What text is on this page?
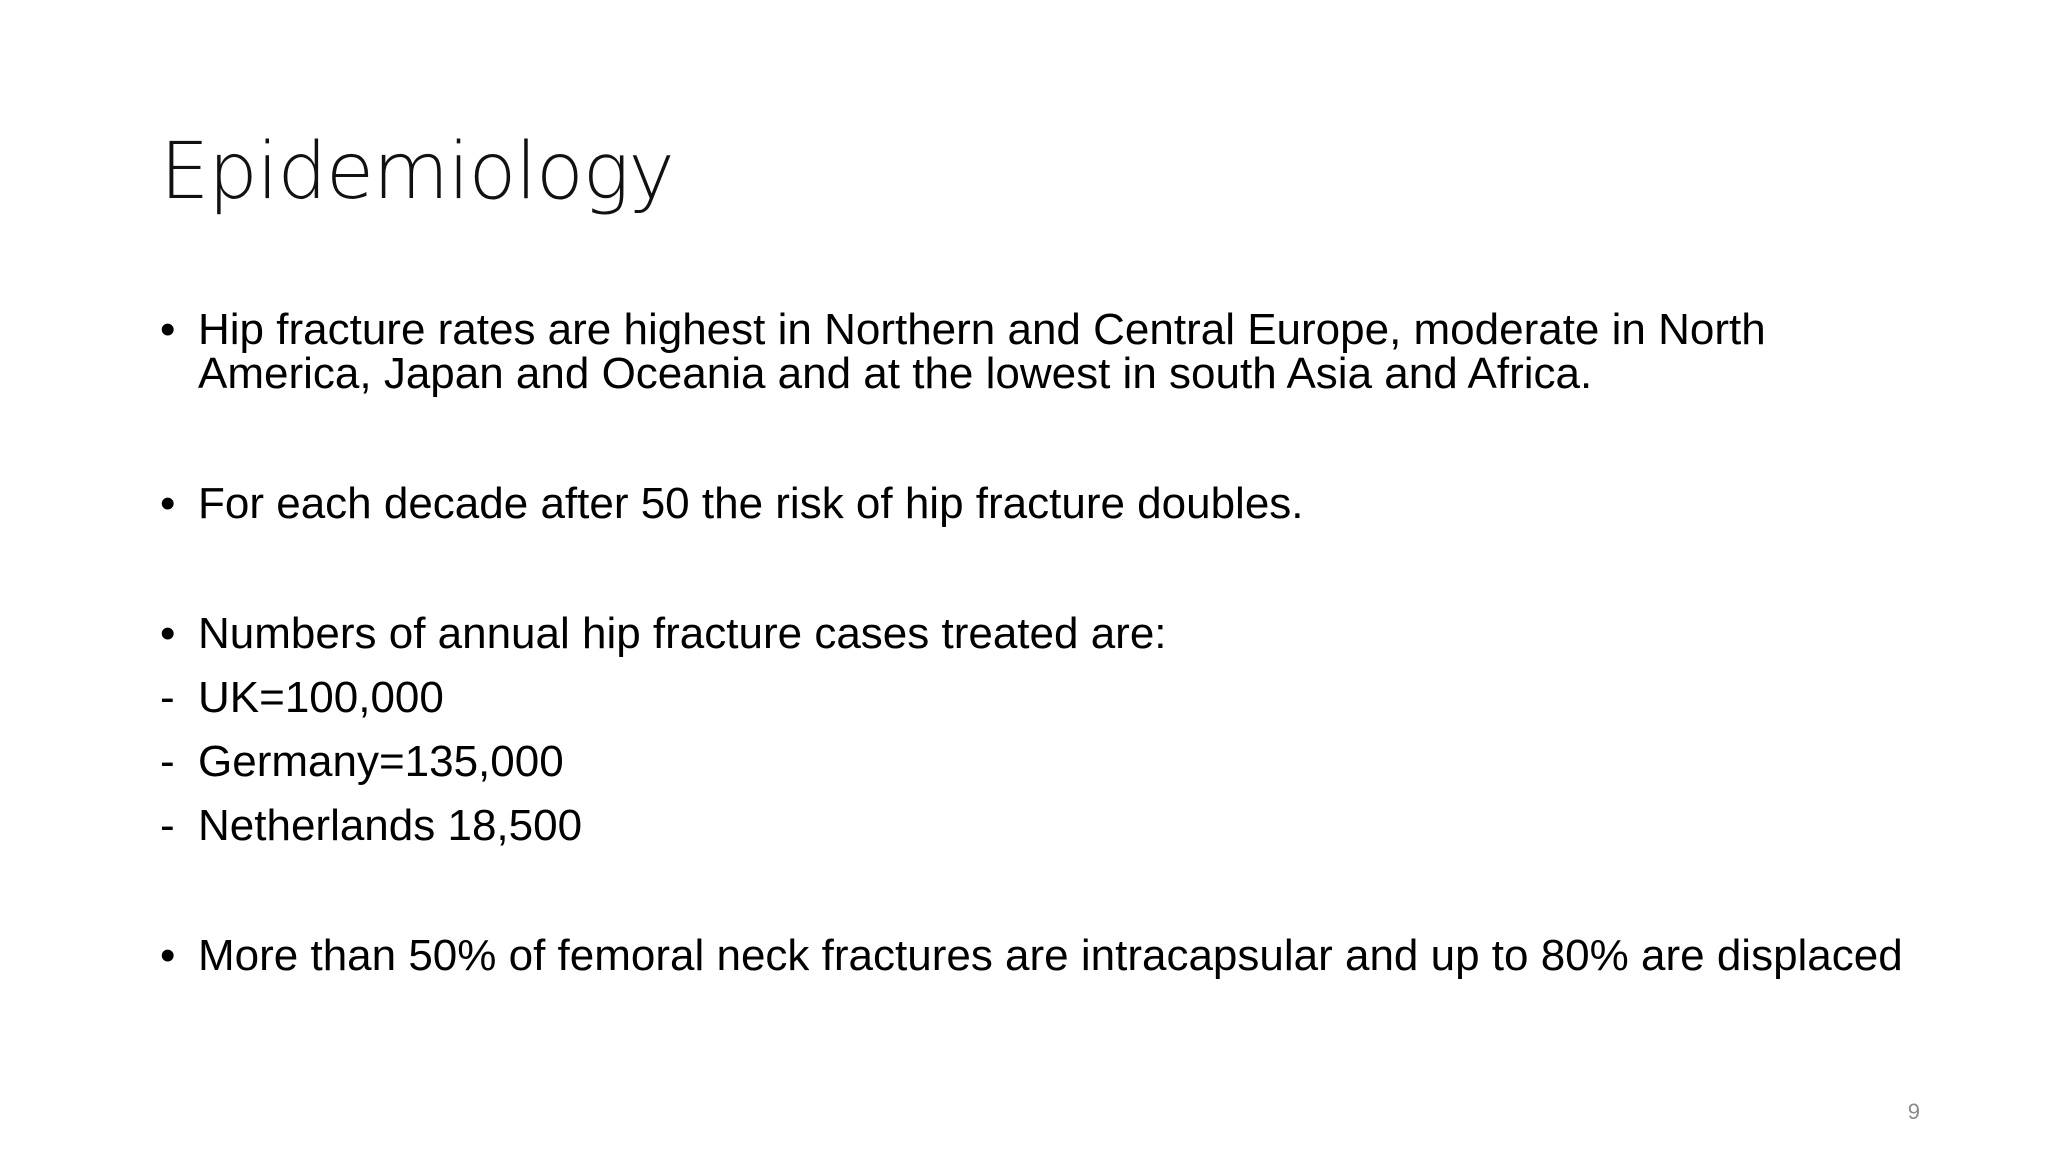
Epidemiology
• Hip fracture rates are highest in Northern and Central Europe, moderate in North America, Japan and Oceania and at the lowest in south Asia and Africa.
• For each decade after 50 the risk of hip fracture doubles.
• Numbers of annual hip fracture cases treated are:
- UK=100,000
- Germany=135,000
- Netherlands 18,500
• More than 50% of femoral neck fractures are intracapsular and up to 80% are displaced
9
